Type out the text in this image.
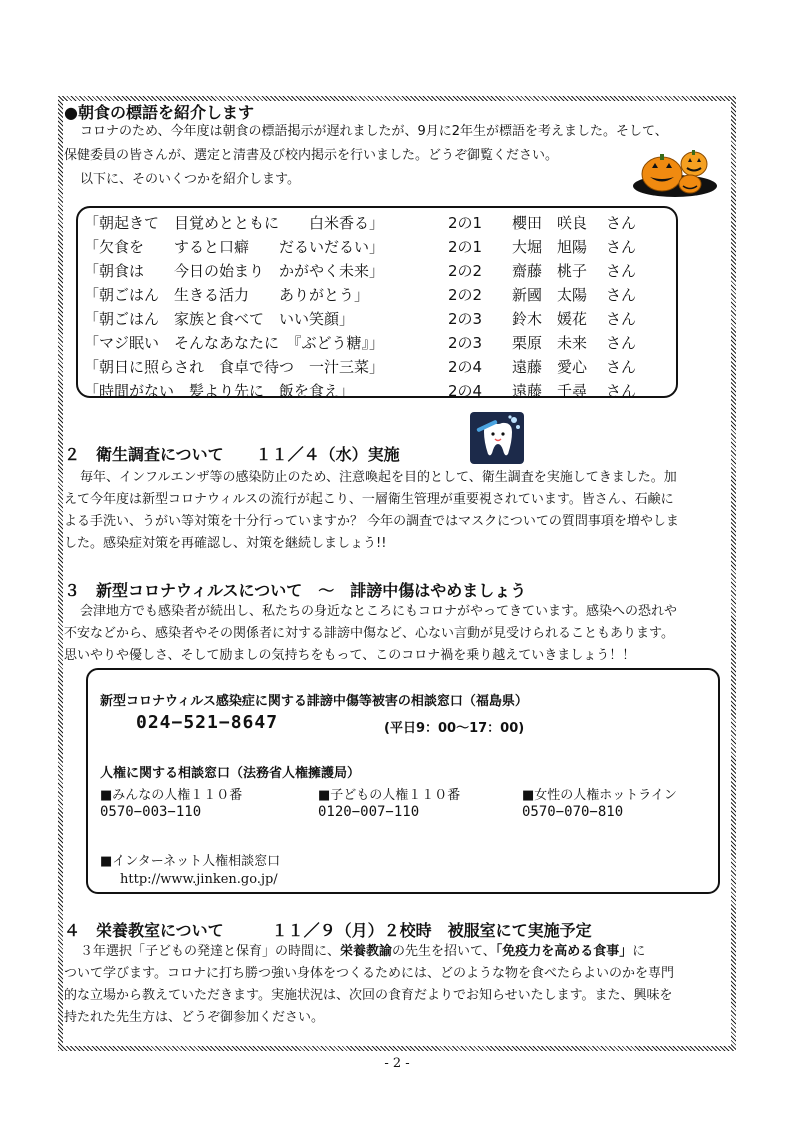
●朝食の標語を紹介します
コロナのため、今年度は朝食の標語掲示が遅れましたが、9月に2年生が標語を考えました。そして、
保健委員の皆さんが、選定と清書及び校内掲示を行いました。どうぞ御覧ください。
以下に、そのいくつかを紹介します。
「朝起きて　目覚めとともに　　白米香る」	2の1 櫻田　咲良 さん
「欠食を　　すると口癖　　だるいだるい」	2の1 大堀　旭陽 さん
「朝食は　　今日の始まり　かがやく未来」	2の2 齋藤　桃子 さん
「朝ごはん　生きる活力　　ありがとう」	2の2 新國　太陽 さん
「朝ごはん　家族と食べて　いい笑顔」	2の3 鈴木　媛花 さん
「マジ眠い　そんなあなたに　『ぶどう糖』」	2の3 栗原　未来 さん
「朝日に照らされ　食卓で待つ　一汁三菜」	2の4 遠藤　愛心 さん
「時間がない　髪より先に　飯を食え」	2の4 遠藤　千尋 さん
２　衛生調査について　　１１／４（水）実施
毎年、インフルエンザ等の感染防止のため、注意喚起を目的として、衛生調査を実施してきました。加
えて今年度は新型コロナウィルスの流行が起こり、一層衛生管理が重要視されています。皆さん、石鹸に
よる手洗い、うがい等対策を十分行っていますか？ 今年の調査ではマスクについての質問事項を増やしま
した。感染症対策を再確認し、対策を継続しましょう!!
３　新型コロナウィルスについて　～　誹謗中傷はやめましょう
会津地方でも感染者が続出し、私たちの身近なところにもコロナがやってきています。感染への恐れや
不安などから、感染者やその関係者に対する誹謗中傷など、心ない言動が見受けられることもあります。
思いやりや優しさ、そして励ましの気持ちをもって、このコロナ禍を乗り越えていきましょう！！
新型コロナウィルス感染症に関する誹謗中傷等被害の相談窓口（福島県）
024−521−8647	(平日9：00〜17：00)
人権に関する相談窓口（法務省人権擁護局）
■みんなの人権１１０番
0570−003−110
■子どもの人権１１０番
0120−007−110
■女性の人権ホットライン
0570−070−810
■インターネット人権相談窓口
http://www.jinken.go.jp/
４　栄養教室について　　　１１／９（月）２校時　被服室にて実施予定
３年選択「子どもの発達と保育」の時間に、栄養教諭の先生を招いて、「免疫力を高める食事」に
ついて学びます。コロナに打ち勝つ強い身体をつくるためには、どのような物を食べたらよいのかを専門
的な立場から教えていただきます。実施状況は、次回の食育だよりでお知らせいたします。また、興味を
持たれた先生方は、どうぞ御参加ください。
- 2 -
